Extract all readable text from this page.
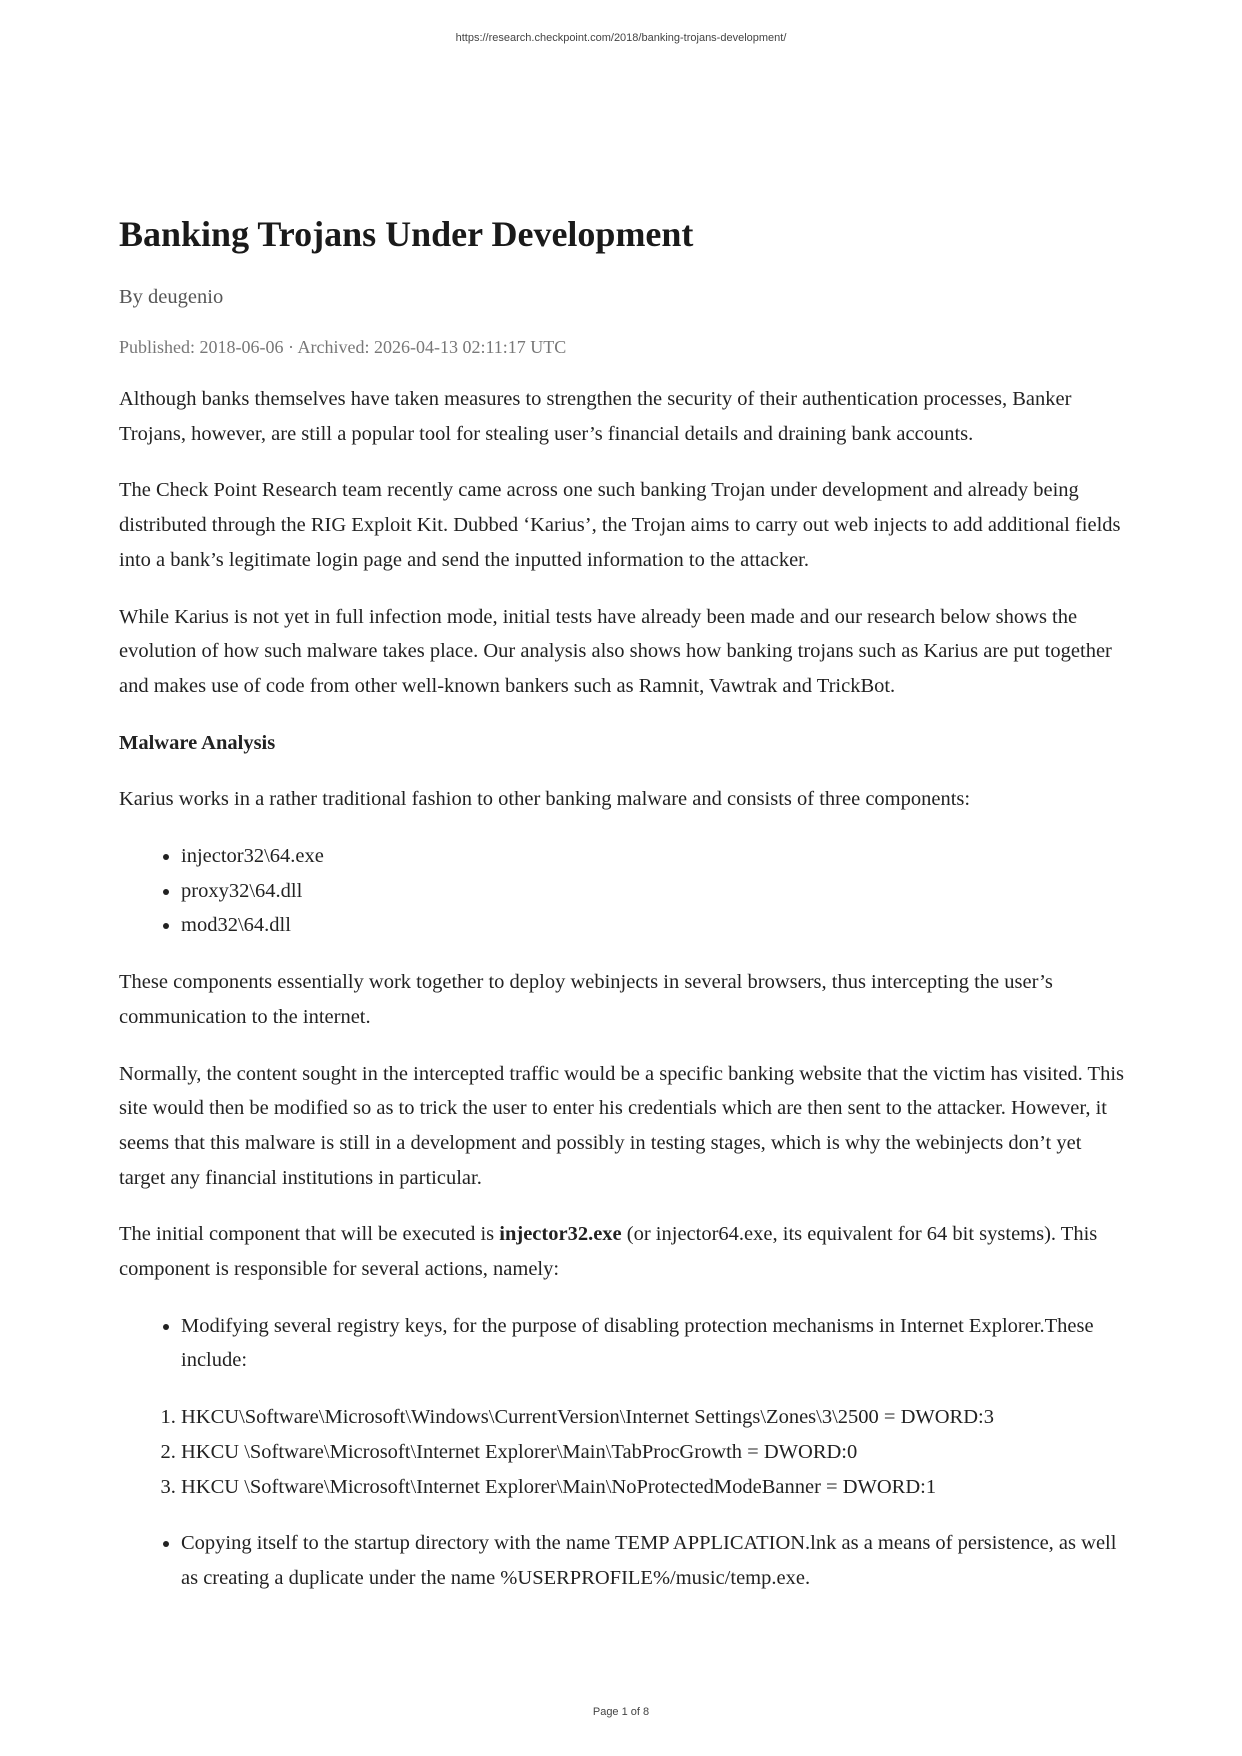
https://research.checkpoint.com/2018/banking-trojans-development/
Banking Trojans Under Development
By deugenio
Published: 2018-06-06 · Archived: 2026-04-13 02:11:17 UTC

Although banks themselves have taken measures to strengthen the security of their authentication processes, Banker Trojans, however, are still a popular tool for stealing user’s financial details and draining bank accounts.

The Check Point Research team recently came across one such banking Trojan under development and already being distributed through the RIG Exploit Kit. Dubbed ‘Karius’, the Trojan aims to carry out web injects to add additional fields into a bank’s legitimate login page and send the inputted information to the attacker.

While Karius is not yet in full infection mode, initial tests have already been made and our research below shows the evolution of how such malware takes place. Our analysis also shows how banking trojans such as Karius are put together and makes use of code from other well-known bankers such as Ramnit, Vawtrak and TrickBot.

Malware Analysis

Karius works in a rather traditional fashion to other banking malware and consists of three components:

• injector32\64.exe
• proxy32\64.dll
• mod32\64.dll

These components essentially work together to deploy webinjects in several browsers, thus intercepting the user’s communication to the internet.

Normally, the content sought in the intercepted traffic would be a specific banking website that the victim has visited. This site would then be modified so as to trick the user to enter his credentials which are then sent to the attacker. However, it seems that this malware is still in a development and possibly in testing stages, which is why the webinjects don’t yet target any financial institutions in particular.

The initial component that will be executed is injector32.exe (or injector64.exe, its equivalent for 64 bit systems). This component is responsible for several actions, namely:

• Modifying several registry keys, for the purpose of disabling protection mechanisms in Internet Explorer.These include:
1. HKCU\Software\Microsoft\Windows\CurrentVersion\Internet Settings\Zones\3\2500 = DWORD:3
2. HKCU \Software\Microsoft\Internet Explorer\Main\TabProcGrowth = DWORD:0
3. HKCU \Software\Microsoft\Internet Explorer\Main\NoProtectedModeBanner = DWORD:1
• Copying itself to the startup directory with the name TEMP APPLICATION.lnk as a means of persistence, as well as creating a duplicate under the name %USERPROFILE%/music/temp.exe.
Page 1 of 8
